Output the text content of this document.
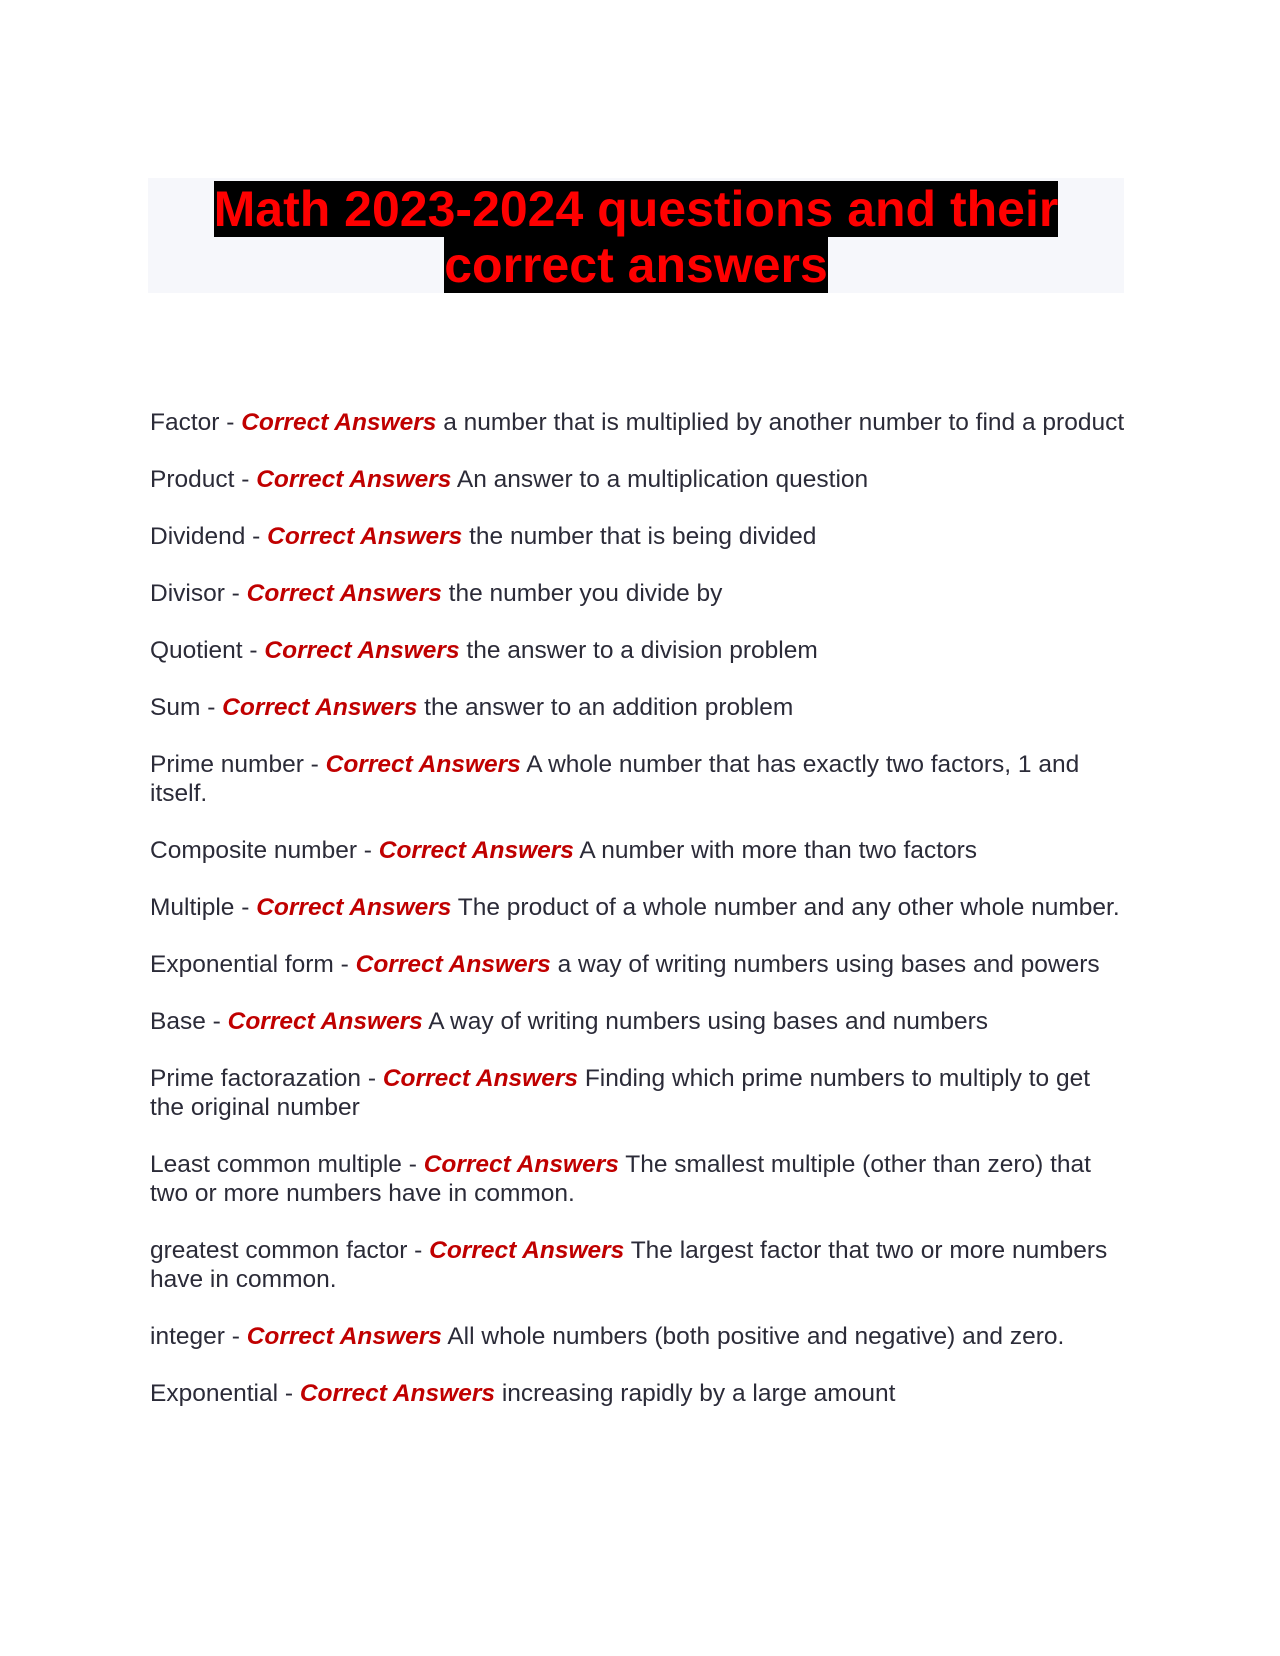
Math 2023-2024 questions and their correct answers

Factor - Correct Answers a number that is multiplied by another number to find a product

Product - Correct Answers An answer to a multiplication question

Dividend - Correct Answers the number that is being divided

Divisor - Correct Answers the number you divide by

Quotient - Correct Answers the answer to a division problem

Sum - Correct Answers the answer to an addition problem

Prime number - Correct Answers A whole number that has exactly two factors, 1 and itself.

Composite number - Correct Answers A number with more than two factors

Multiple - Correct Answers The product of a whole number and any other whole number.

Exponential form - Correct Answers a way of writing numbers using bases and powers

Base - Correct Answers A way of writing numbers using bases and numbers

Prime factorazation - Correct Answers Finding which prime numbers to multiply to get the original number

Least common multiple - Correct Answers The smallest multiple (other than zero) that two or more numbers have in common.

greatest common factor - Correct Answers The largest factor that two or more numbers have in common.

integer - Correct Answers All whole numbers (both positive and negative) and zero.

Exponential - Correct Answers increasing rapidly by a large amount
